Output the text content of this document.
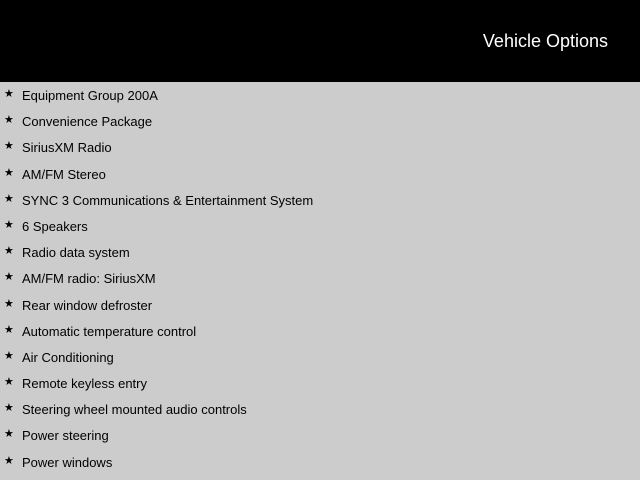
Vehicle Options
★ Equipment Group 200A
★ Convenience Package
★ SiriusXM Radio
★ AM/FM Stereo
★ SYNC 3 Communications & Entertainment System
★ 6 Speakers
★ Radio data system
★ AM/FM radio: SiriusXM
★ Rear window defroster
★ Automatic temperature control
★ Air Conditioning
★ Remote keyless entry
★ Steering wheel mounted audio controls
★ Power steering
★ Power windows
